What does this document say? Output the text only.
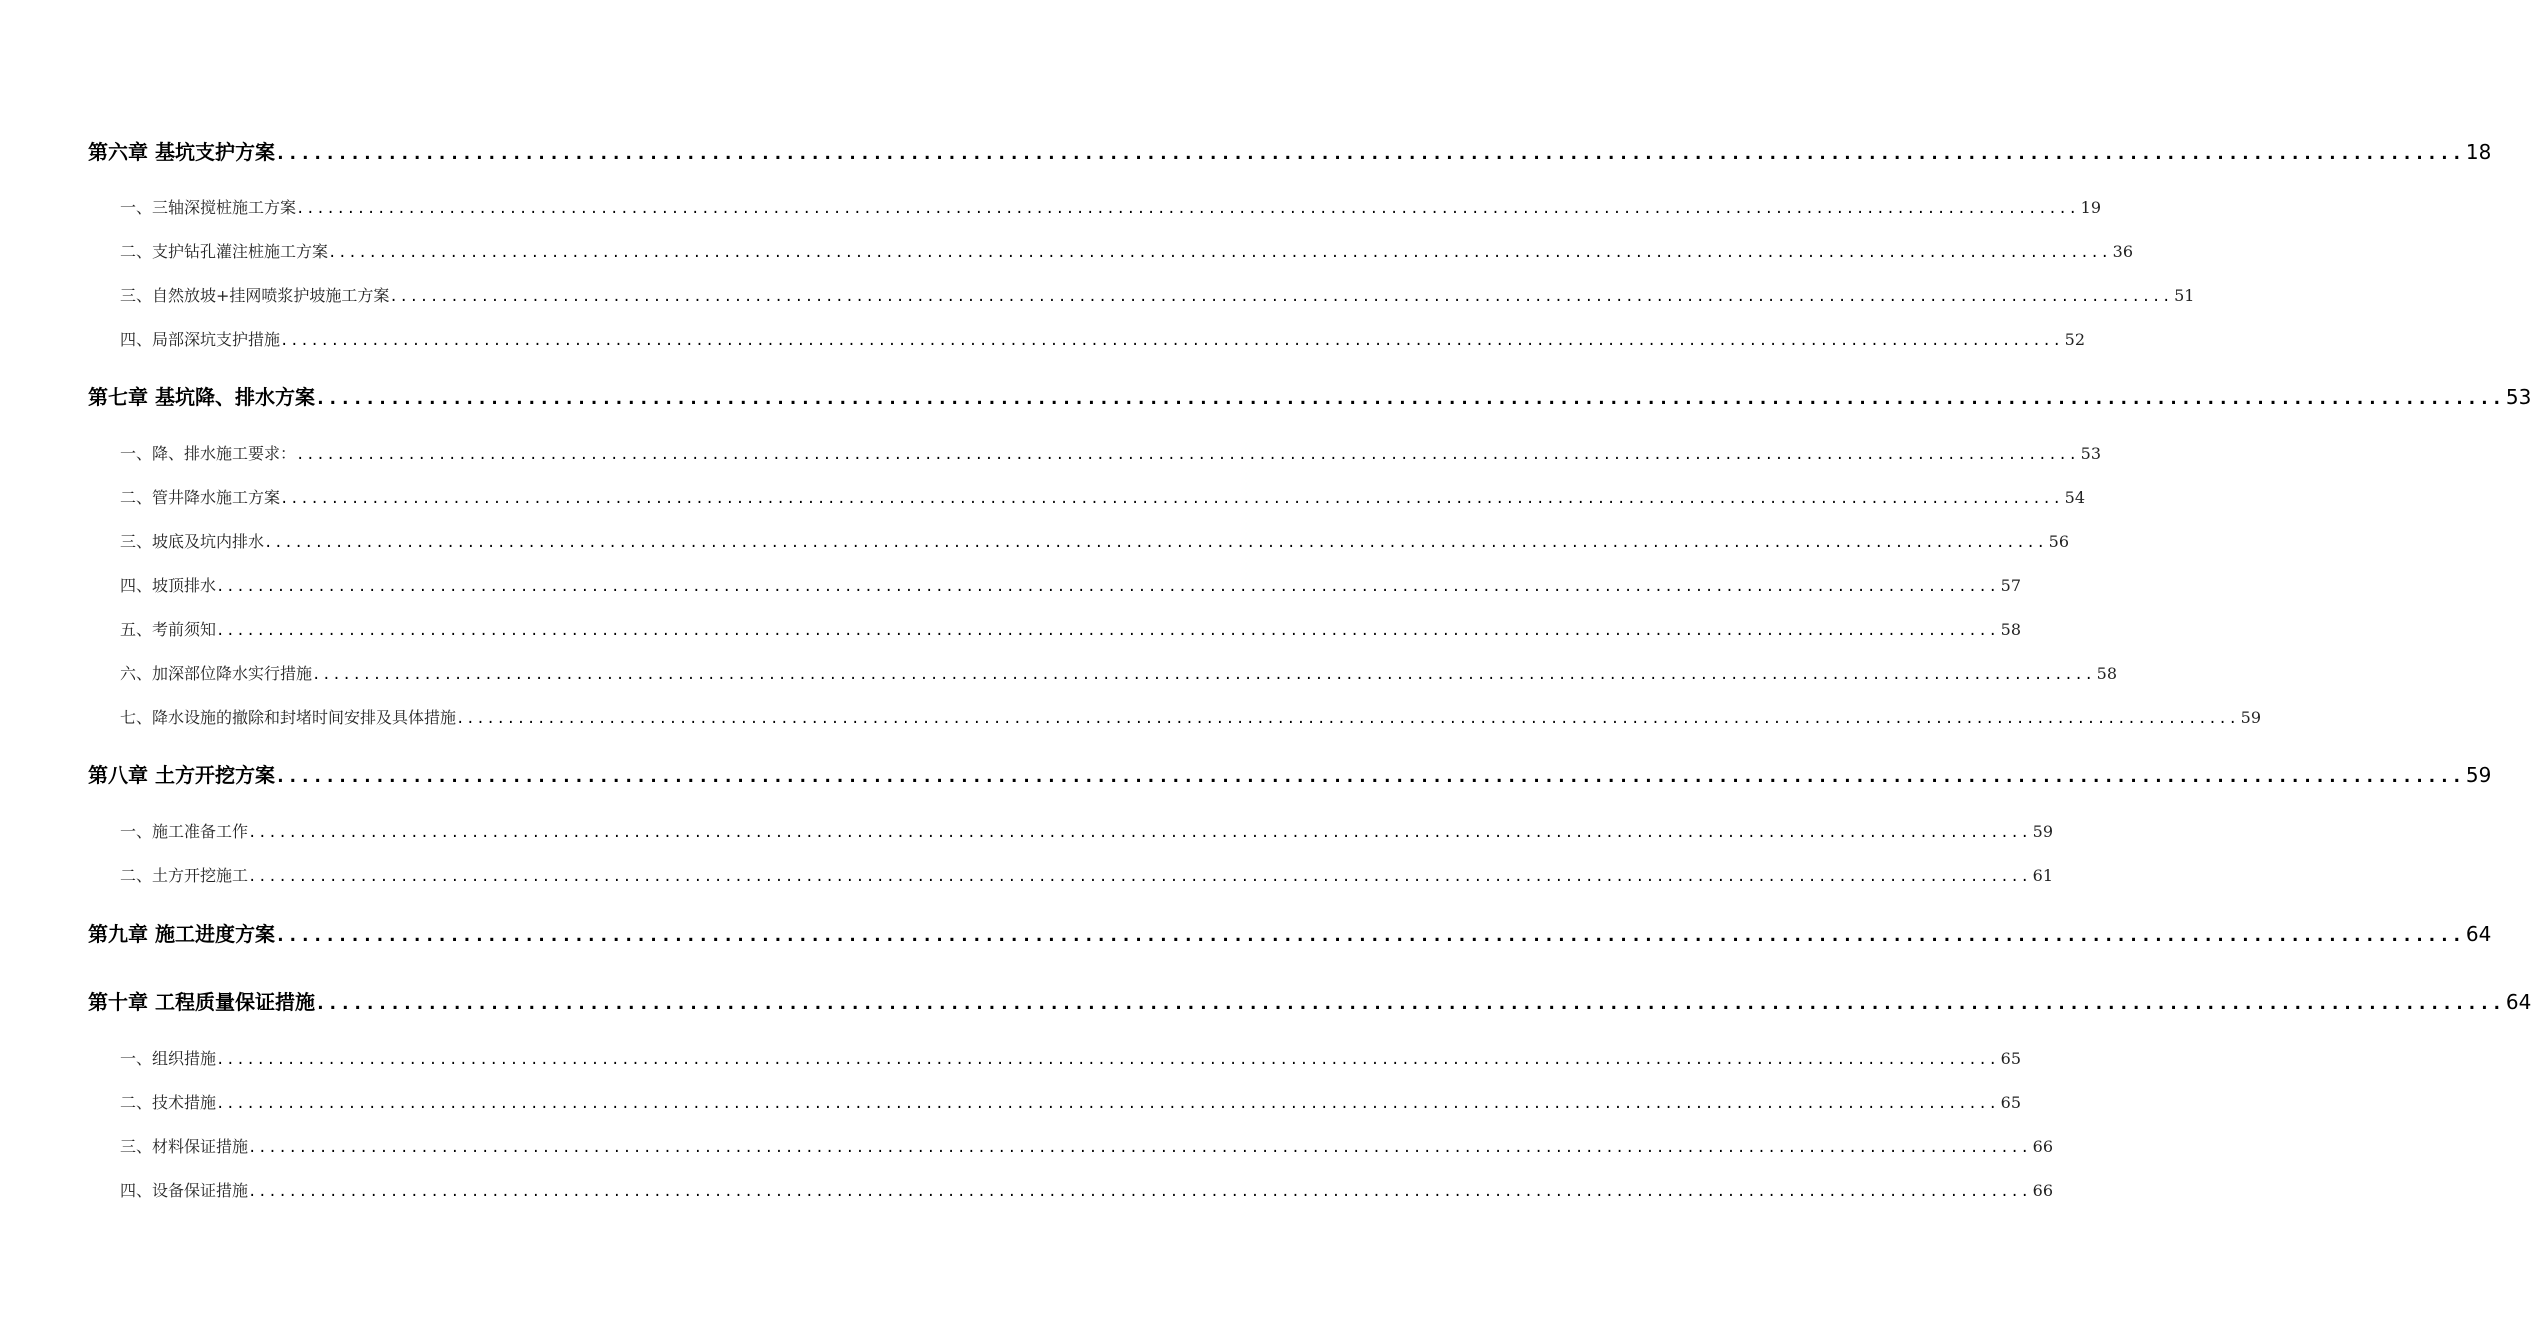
第六章 基坑支护方案 ................................................................................................................................................................................ 18
一、三轴深搅桩施工方案 ................................................................................................................................................................................ 19
二、支护钻孔灌注桩施工方案 ................................................................................................................................................................................ 36
三、自然放坡+挂网喷浆护坡施工方案 ................................................................................................................................................................................ 51
四、局部深坑支护措施 ................................................................................................................................................................................ 52
第七章 基坑降、排水方案 ................................................................................................................................................................................ 53
一、降、排水施工要求： ................................................................................................................................................................................ 53
二、管井降水施工方案 ................................................................................................................................................................................ 54
三、坡底及坑内排水 ................................................................................................................................................................................ 56
四、坡顶排水 ................................................................................................................................................................................ 57
五、考前须知 ................................................................................................................................................................................ 58
六、加深部位降水实行措施 ................................................................................................................................................................................ 58
七、降水设施的撤除和封堵时间安排及具体措施 ................................................................................................................................................................................ 59
第八章 土方开挖方案 ................................................................................................................................................................................ 59
一、施工准备工作 ................................................................................................................................................................................ 59
二、土方开挖施工 ................................................................................................................................................................................ 61
第九章 施工进度方案 ................................................................................................................................................................................ 64
第十章 工程质量保证措施 ................................................................................................................................................................................ 64
一、组织措施 ................................................................................................................................................................................ 65
二、技术措施 ................................................................................................................................................................................ 65
三、材料保证措施 ................................................................................................................................................................................ 66
四、设备保证措施 ................................................................................................................................................................................ 66
